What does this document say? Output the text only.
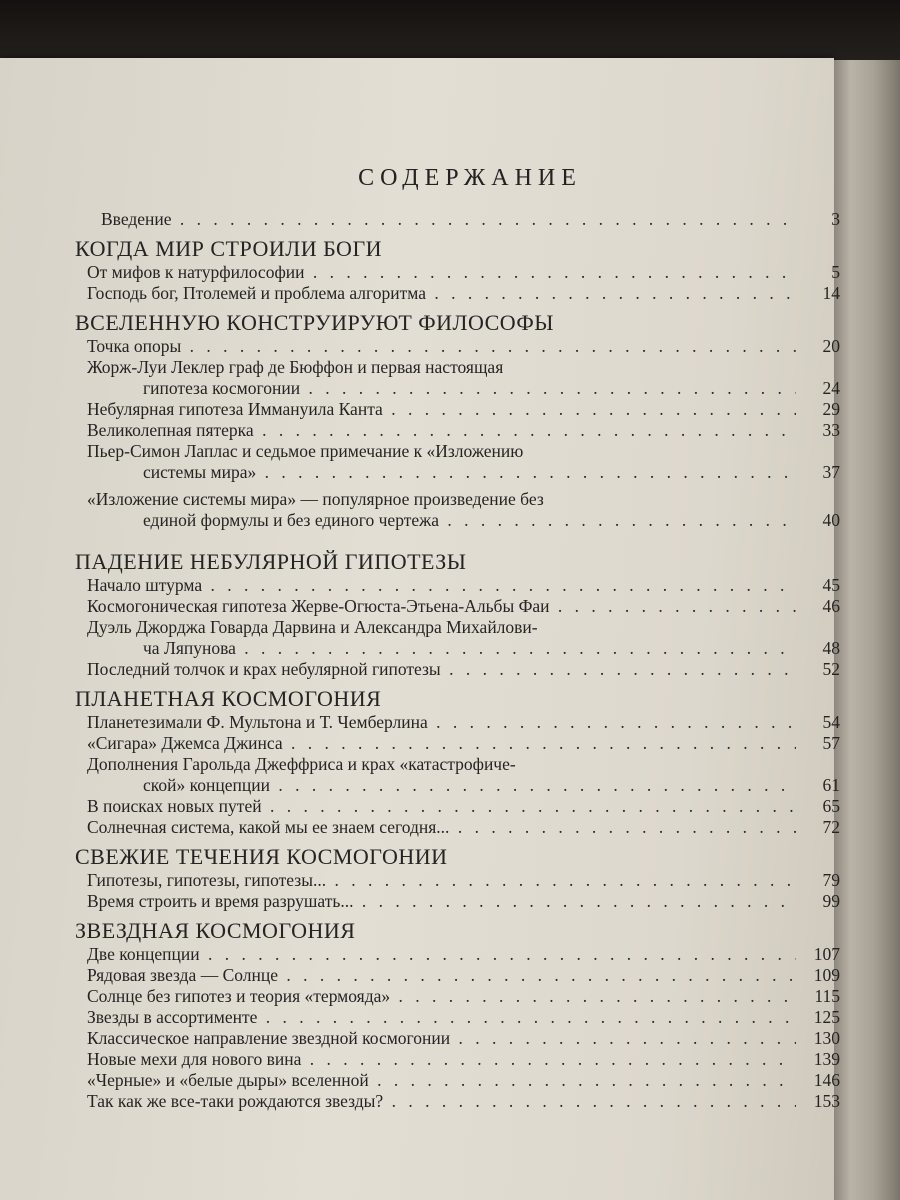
СОДЕРЖАНИЕ
Введение . . .	3
КОГДА МИР СТРОИЛИ БОГИ
От мифов к натурфилософии . . .	5
Господь бог, Птолемей и проблема алгоритма . . .	14
ВСЕЛЕННУЮ КОНСТРУИРУЮТ ФИЛОСОФЫ
Точка опоры . . .	20
Жорж-Луи Леклер граф де Бюффон и первая настоящая
гипотеза космогонии . . .	24
Небулярная гипотеза Иммануила Канта . . .	29
Великолепная пятерка . . .	33
Пьер-Симон Лаплас и седьмое примечание к «Изложению
системы мира» . . .	37
«Изложение системы мира» — популярное произведение без
единой формулы и без единого чертежа . . .	40
ПАДЕНИЕ НЕБУЛЯРНОЙ ГИПОТЕЗЫ
Начало штурма . . .	45
Космогоническая гипотеза Жерве-Огюста-Этьена-Альбы Фаи . . .	46
Дуэль Джорджа Говарда Дарвина и Александра Михайлови-
ча Ляпунова . . .	48
Последний толчок и крах небулярной гипотезы . . .	52
ПЛАНЕТНАЯ КОСМОГОНИЯ
Планетезимали Ф. Мультона и Т. Чемберлина . . .	54
«Сигара» Джемса Джинса . . .	57
Дополнения Гарольда Джеффриса и крах «катастрофиче-
ской» концепции . . .	61
В поисках новых путей . . .	65
Солнечная система, какой мы ее знаем сегодня... . . .	72
СВЕЖИЕ ТЕЧЕНИЯ КОСМОГОНИИ
Гипотезы, гипотезы, гипотезы... . . .	79
Время строить и время разрушать... . . .	99
ЗВЕЗДНАЯ КОСМОГОНИЯ
Две концепции . . .	107
Рядовая звезда — Солнце . . .	109
Солнце без гипотез и теория «термояда» . . .	115
Звезды в ассортименте . . .	125
Классическое направление звездной космогонии . . .	130
Новые мехи для нового вина . . .	139
«Черные» и «белые дыры» вселенной . . .	146
Так как же все-таки рождаются звезды? . . .	153
